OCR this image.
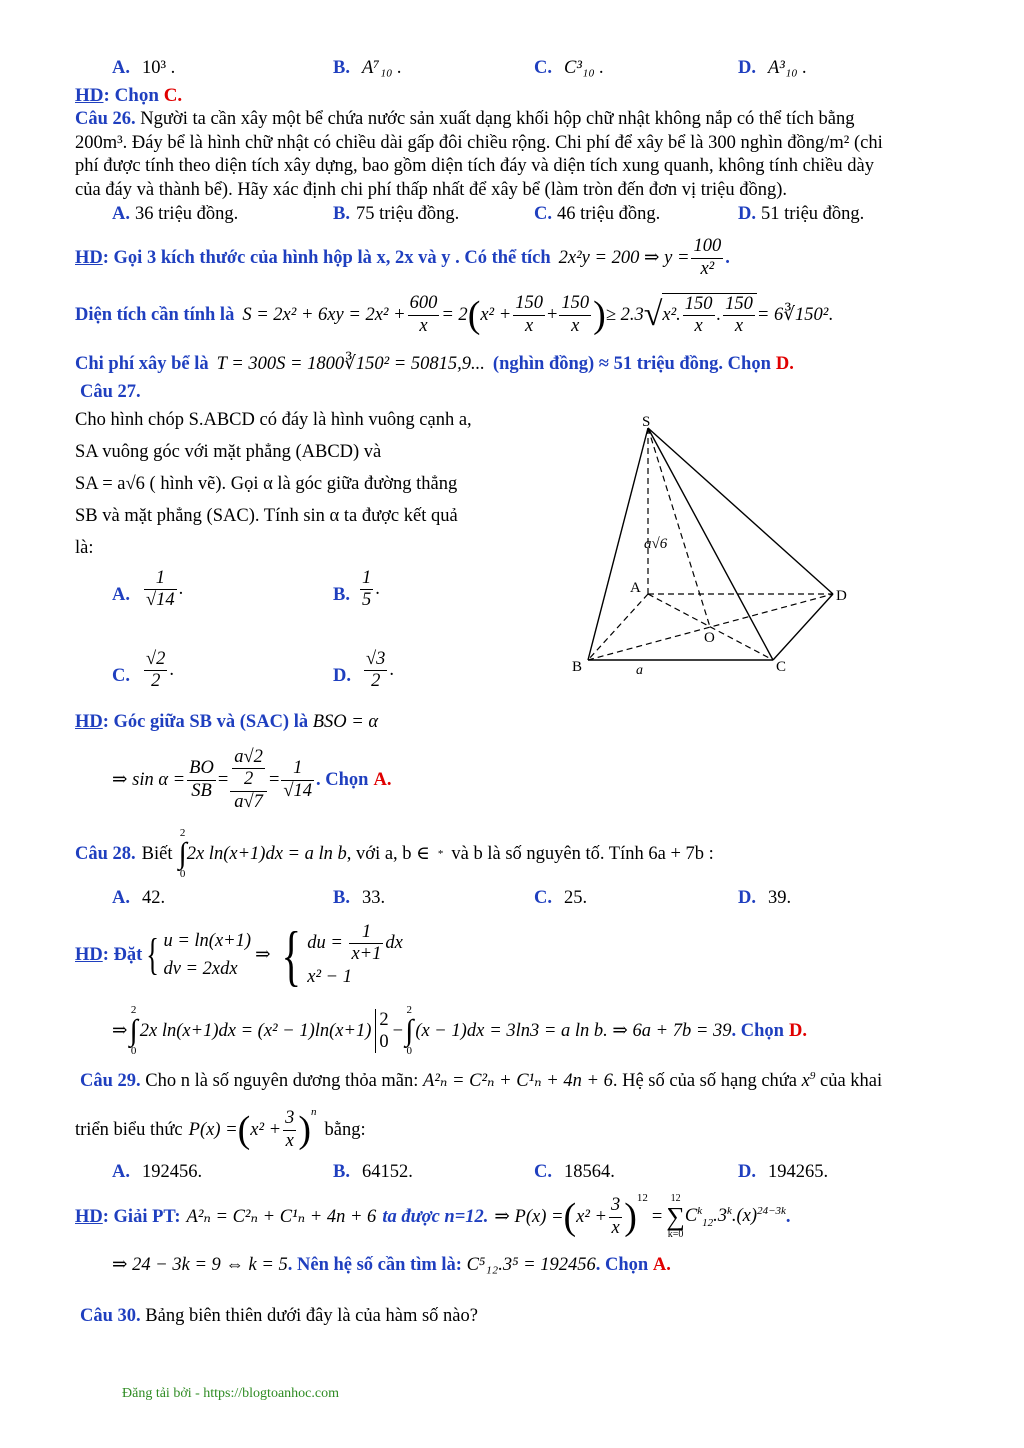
A. 10³ .	B. A⁷₁₀ .	C. C³₁₀ .	D. A³₁₀ .
HD: Chọn C.
Câu 26. Người ta cần xây một bể chứa nước sản xuất dạng khối hộp chữ nhật không nắp có thể tích bằng
200m³. Đáy bể là hình chữ nhật có chiều dài gấp đôi chiều rộng. Chi phí để xây bể là 300 nghìn đồng/m² (chi
phí được tính theo diện tích xây dựng, bao gồm diện tích đáy và diện tích xung quanh, không tính chiều dày
của đáy và thành bể). Hãy xác định chi phí thấp nhất để xây bể (làm tròn đến đơn vị triệu đồng).
A. 36 triệu đồng.	B. 75 triệu đồng.	C. 46 triệu đồng.	D. 51 triệu đồng.
HD : Gọi 3 kích thước của hình hộp là x, 2x và y . Có thể tích 2x²y = 200 ⇒ $y = \frac{100}{\text{x²}}$ .
Diện tích cần tính là $S = 2x^2 + 6xy = 2x^2 + \frac{600}{x} = 2$ ( $x^2 + \frac{150}{x} + \frac{150}{x}$ ) ≥ 2.3 √ x². $\frac{150}{x}$ . $\frac{150}{x}$ = 6∛150² .
Chi phí xây bể là T = 300S = 1800∛150² = 50815,9... (nghìn đồng) ≈ 51 triệu đồng. Chọn D.
Câu 27.
Cho hình chóp S.ABCD có đáy là hình vuông cạnh a,
SA vuông góc với mặt phẳng (ABCD) và
SA = a√6 ( hình vẽ). Gọi α là góc giữa đường thẳng
SB và mặt phẳng (SAC). Tính sin α ta được kết quả
là:
A. $\frac{1}{√14}$ .	B. $\frac{1}{5}$ .
C. $\frac{√2}{2}$ .	D. $\frac{√3}{2}$ .
S
A
B	C
D
O
a√6
a
HD: Góc giữa SB và (SAC) là BSO = α
⇒ $\sin \alpha = \frac{BO}{SB} = \frac{\frac{a√2}{2}}{a√7} = \frac{1}{√14}$ . Chọn A.
Câu 28. Biết
2
∫
0
2x ln(x+1)dx = a ln b , với a, b ∈ * và b là số nguyên tố. Tính 6a + 7b :
A. 42.	B. 33.	C. 25.	D. 39.
HD : Đặt { u = ln(x+1)
dv = 2xdx
⇒ { du = $\frac{1}{x+1}$ dx
x² − 1
⇒
2
∫
0
2x ln(x+1)dx = (x² − 1)ln(x+1)
2
0
−
2
∫
0
(x − 1)dx = 3ln3 = a ln b. ⇒ 6a + 7b = 39 . Chọn D.
Câu 29. Cho n là số nguyên dương thỏa mãn: A²ₙ = C²ₙ + C¹ₙ + 4n + 6. Hệ số của số hạng chứa $x^9$ của khai
triển biểu thức P(x) = ( $x^2 + \frac{3}{x} )^n$
bằng:
A. 192456.	B. 64152.	C. 18564.	D. 194265.
HD : Giải PT: A²ₙ = C²ₙ + C¹ₙ + 4n + 6 ta được n=12. ⇒ P(x) = ( $x^2 + \frac{3}{x} )^{12}$
=
12
∑
k=0
$C^k_{12}.3^k.(x)^{24-3k}$ .
⇒ 24 − 3k = 9 ⇔ k = 5. Nên hệ số cần tìm là: C⁵₁₂.3⁵ = 192456. Chọn A.
Câu 30. Bảng biên thiên dưới đây là của hàm số nào?
Đăng tải bởi - https://blogtoanhoc.com
